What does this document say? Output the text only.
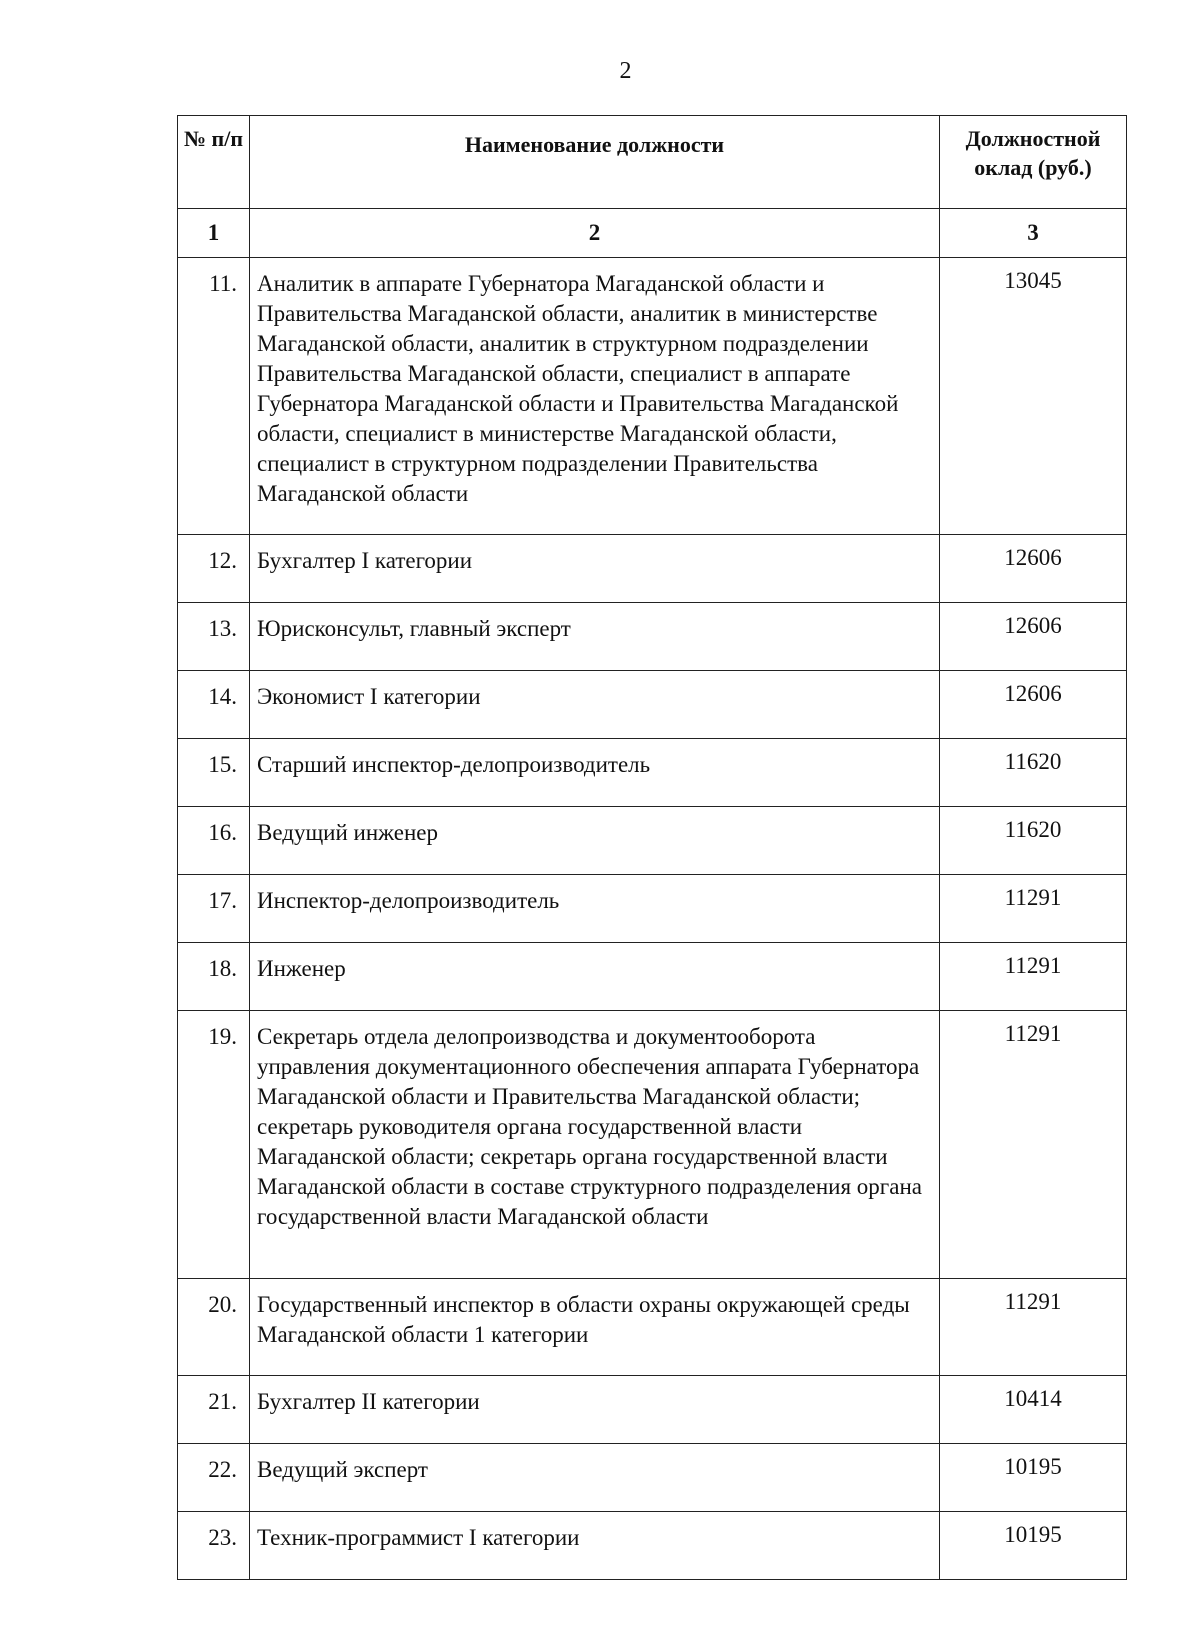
2
№ п/п	Наименование должности	Должностной оклад (руб.)
1	2	3
11.	Аналитик в аппарате Губернатора Магаданской области и Правительства Магаданской области, аналитик в министерстве Магаданской области, аналитик в структурном подразделении Правительства Магаданской области, специалист в аппарате Губернатора Магаданской области и Правительства Магаданской области, специалист в министерстве Магаданской области, специалист в структурном подразделении Правительства Магаданской области	13045
12.	Бухгалтер I категории	12606
13.	Юрисконсульт, главный эксперт	12606
14.	Экономист I категории	12606
15.	Старший инспектор-делопроизводитель	11620
16.	Ведущий инженер	11620
17.	Инспектор-делопроизводитель	11291
18.	Инженер	11291
19.	Секретарь отдела делопроизводства и документооборота управления документационного обеспечения аппарата Губернатора Магаданской области и Правительства Магаданской области; секретарь руководителя органа государственной власти Магаданской области; секретарь органа государственной власти Магаданской области в составе структурного подразделения органа государственной власти Магаданской области	11291
20.	Государственный инспектор в области охраны окружающей среды Магаданской области 1 категории	11291
21.	Бухгалтер II категории	10414
22.	Ведущий эксперт	10195
23.	Техник-программист I категории	10195
